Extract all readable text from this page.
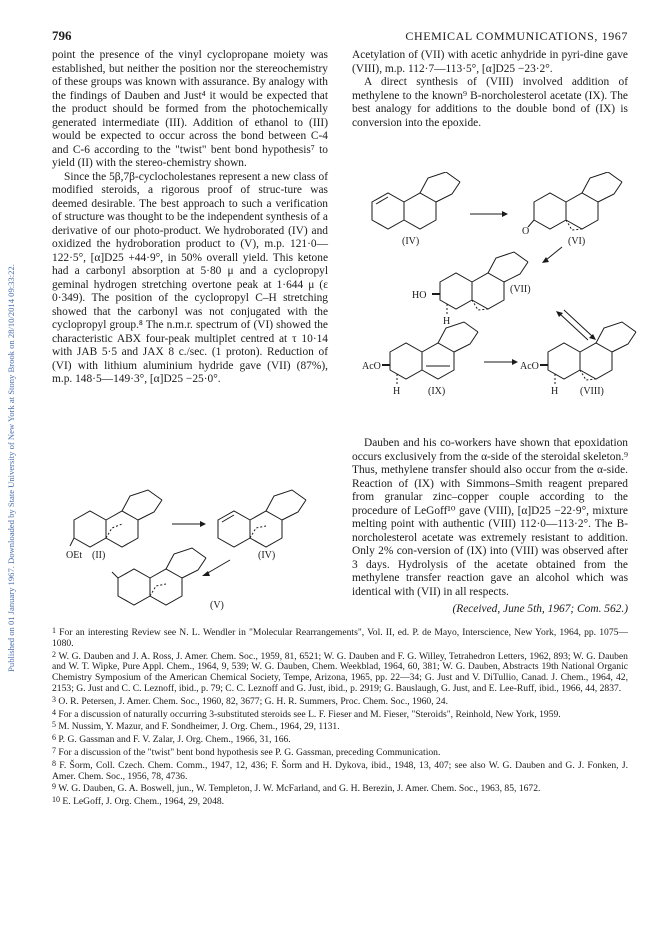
Published on 01 January 1967. Downloaded by State University of New York at Stony Brook on 28/10/2014 09:33:22.
796	CHEMICAL COMMUNICATIONS, 1967

point the presence of the vinyl cyclopropane moiety was established, but neither the position nor the stereochemistry of these groups was known with assurance. By analogy with the findings of Dauben and Just⁴ it would be expected that the product should be formed from the photochemically generated intermediate (III). Addition of ethanol to (III) would be expected to occur across the bond between C-4 and C-6 according to the "twist" bent bond hypothesis⁷ to yield (II) with the stereo-chemistry shown.

Since the 5β,7β-cyclocholestanes represent a new class of modified steroids, a rigorous proof of struc-ture was deemed desirable. The best approach to such a verification of structure was thought to be the independent synthesis of a derivative of our photo-product. We hydroborated (IV) and oxidized the hydroboration product to (V), m.p. 121·0—122·5°, [α]D25 +44·9°, in 50% overall yield. This ketone had a carbonyl absorption at 5·80 μ and a cyclopropyl geminal hydrogen stretching overtone peak at 1·644 μ (ε 0·349). The position of the cyclopropyl C–H stretching showed that the carbonyl was not conjugated with the cyclopropyl group.⁸ The n.m.r. spectrum of (VI) showed the characteristic ABX four-peak multiplet centred at τ 10·14 with JAB 5·5 and JAX 8 c./sec. (1 proton). Reduction of (VI) with lithium aluminium hydride gave (VII) (87%), m.p. 148·5—149·3°, [α]D25 −25·0°.

Acetylation of (VII) with acetic anhydride in pyri-dine gave (VIII), m.p. 112·7—113·5°, [α]D25 −23·2°.

A direct synthesis of (VIII) involved addition of methylene to the known⁹ B-norcholesterol acetate (IX). The best analogy for additions to the double bond of (IX) is conversion into the epoxide.

(IV)
O
(VI)
HO
H
(VII)
AcO
H	(IX)
AcO
H (VIII)

Dauben and his co-workers have shown that epoxidation occurs exclusively from the α-side of the steroidal skeleton.⁹ Thus, methylene transfer should also occur from the α-side. Reaction of (IX) with Simmons–Smith reagent prepared from granular zinc–copper couple according to the procedure of LeGoff¹⁰ gave (VIII), [α]D25 −22·9°, mixture melting point with authentic (VIII) 112·0—113·2°. The B-norcholesterol acetate was extremely resistant to addition. Only 2% con-version of (IX) into (VIII) was observed after 3 days. Hydrolysis of the acetate obtained from the methylene transfer reaction gave an alcohol which was identical with (VII) in all respects.

OEt (II)	(IV)
(V)	(Received, June 5th, 1967; Com. 562.)

$^1$ For an interesting Review see N. L. Wendler in "Molecular Rearrangements", Vol. II, ed. P. de Mayo, Interscience, New York, 1964, pp. 1075—1080.

$^2$ W. G. Dauben and J. A. Ross, J. Amer. Chem. Soc., 1959, 81, 6521; W. G. Dauben and F. G. Willey, Tetrahedron Letters, 1962, 893; W. G. Dauben and W. T. Wipke, Pure Appl. Chem., 1964, 9, 539; W. G. Dauben, Chem. Weekblad, 1964, 60, 381; W. G. Dauben, Abstracts 19th National Organic Chemistry Symposium of the American Chemical Society, Tempe, Arizona, 1965, pp. 22—34; G. Just and V. DiTullio, Canad. J. Chem., 1964, 42, 2153; G. Just and C. C. Leznoff, ibid., p. 79; C. C. Leznoff and G. Just, ibid., p. 2919; G. Bauslaugh, G. Just, and E. Lee-Ruff, ibid., 1966, 44, 2837.

$^3$ O. R. Petersen, J. Amer. Chem. Soc., 1960, 82, 3677; G. H. R. Summers, Proc. Chem. Soc., 1960, 24.

$^4$ For a discussion of naturally occurring 3-substituted steroids see L. F. Fieser and M. Fieser, "Steroids", Reinhold, New York, 1959.

$^5$ M. Nussim, Y. Mazur, and F. Sondheimer, J. Org. Chem., 1964, 29, 1131.

$^6$ P. G. Gassman and F. V. Zalar, J. Org. Chem., 1966, 31, 166.

$^7$ For a discussion of the "twist" bent bond hypothesis see P. G. Gassman, preceding Communication.

$^8$ F. Šorm, Coll. Czech. Chem. Comm., 1947, 12, 436; F. Šorm and H. Dykova, ibid., 1948, 13, 407; see also W. G. Dauben and G. J. Fonken, J. Amer. Chem. Soc., 1956, 78, 4736.

$^9$ W. G. Dauben, G. A. Boswell, jun., W. Templeton, J. W. McFarland, and G. H. Berezin, J. Amer. Chem. Soc., 1963, 85, 1672.

$^{10}$ E. LeGoff, J. Org. Chem., 1964, 29, 2048.
